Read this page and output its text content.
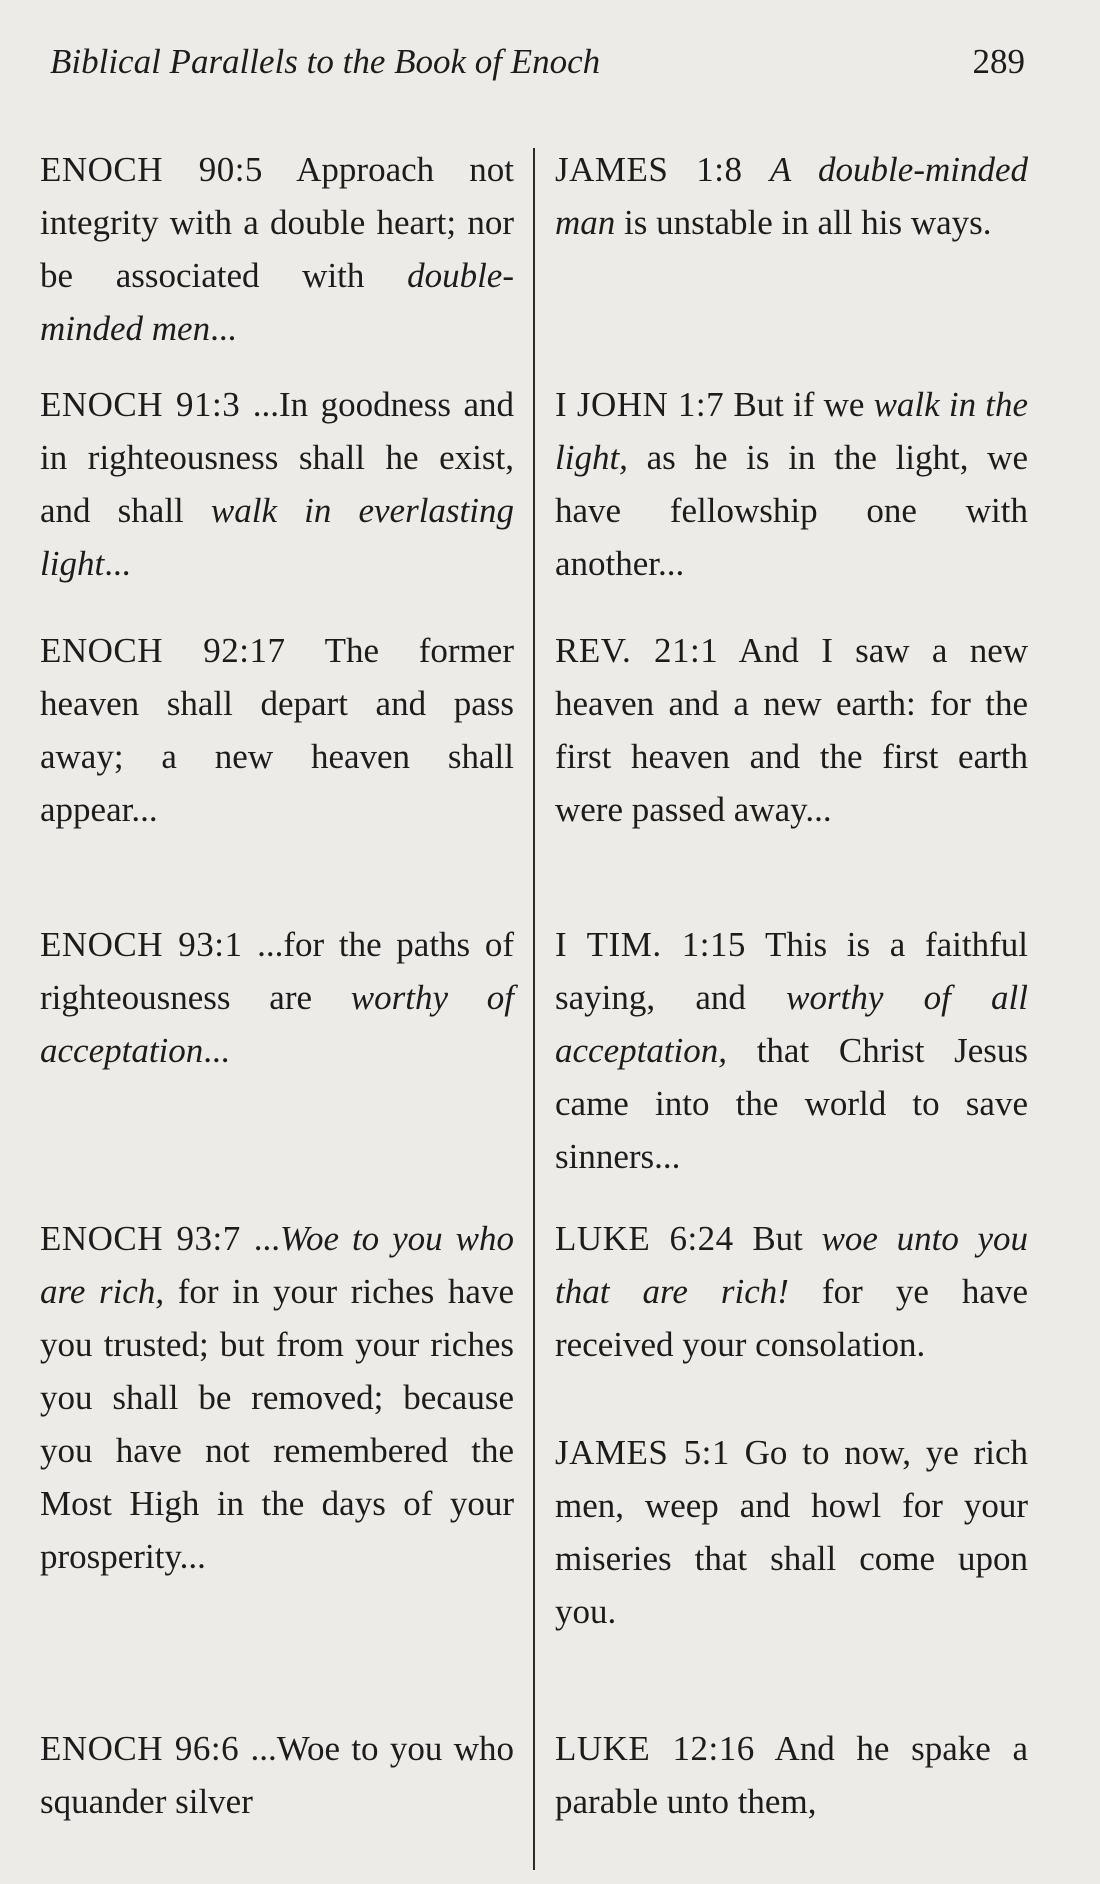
Biblical Parallels to the Book of Enoch	289
ENOCH 90:5 Approach not integrity with a double heart; nor be associated with double-minded men...
JAMES 1:8 A double-minded man is unstable in all his ways.
ENOCH 91:3 ...In goodness and in righteousness shall he exist, and shall walk in everlasting light...
I JOHN 1:7 But if we walk in the light, as he is in the light, we have fellowship one with another...
ENOCH 92:17 The former heaven shall depart and pass away; a new heaven shall appear...
REV. 21:1 And I saw a new heaven and a new earth: for the first heaven and the first earth were passed away...
ENOCH 93:1 ...for the paths of righteousness are worthy of acceptation...
I TIM. 1:15 This is a faithful saying, and worthy of all acceptation, that Christ Jesus came into the world to save sinners...
ENOCH 93:7 ...Woe to you who are rich, for in your riches have you trusted; but from your riches you shall be removed; because you have not remembered the Most High in the days of your prosperity...
LUKE 6:24 But woe unto you that are rich! for ye have received your consolation.
JAMES 5:1 Go to now, ye rich men, weep and howl for your miseries that shall come upon you.
ENOCH 96:6 ...Woe to you who squander silver
LUKE 12:16 And he spake a parable unto them,
